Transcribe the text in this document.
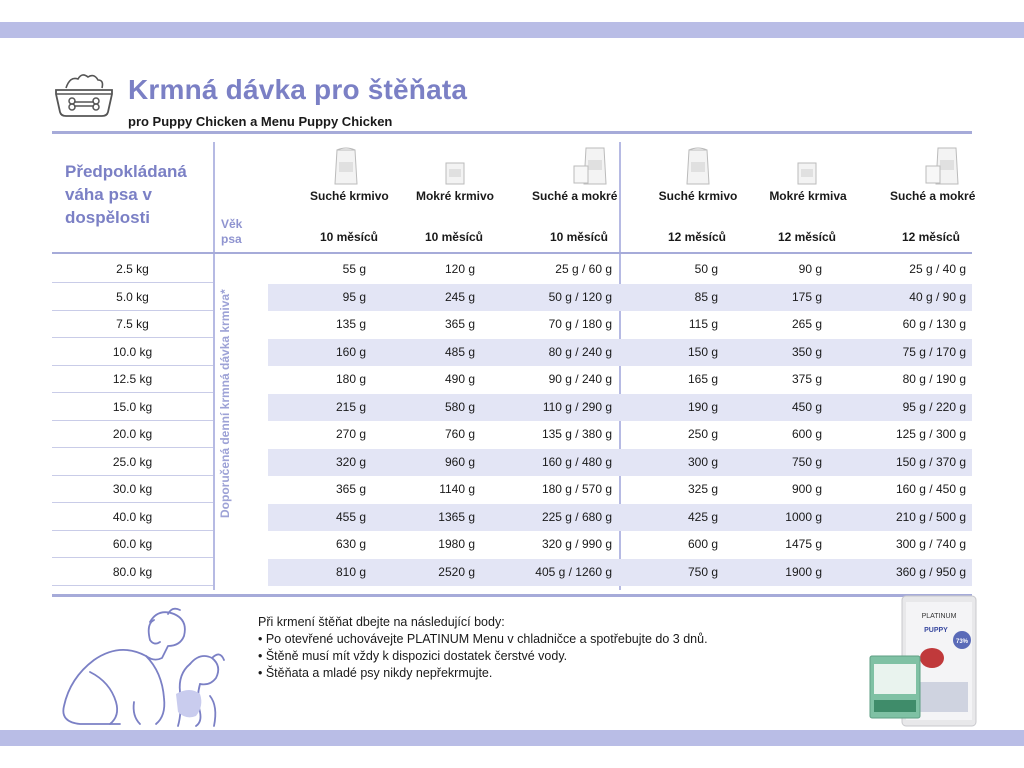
Krmná dávka pro štěňata
pro Puppy Chicken a Menu Puppy Chicken
Předpokládaná
váha psa v
dospělosti	Věk
psa
Suché krmivo Mokré krmivo	Suché a mokré	Suché krmivo	Mokré krmiva	Suché a mokré
10 měsíců	10 měsíců	10 měsíců	12 měsíců	12 měsíců	12 měsíců
2.5 kg	55 g	120 g	25 g / 60 g	50 g	90 g	25 g / 40 g
5.0 kg	95 g	245 g	50 g / 120 g	85 g	175 g	40 g / 90 g
7.5 kg	135 g	365 g	70 g / 180 g	115 g	265 g	60 g / 130 g
10.0 kg	160 g	485 g	80 g / 240 g	150 g	350 g	75 g / 170 g
12.5 kg	180 g	490 g	90 g / 240 g	165 g	375 g	80 g / 190 g
15.0 kg	215 g	580 g	110 g / 290 g	190 g	450 g	95 g / 220 g
20.0 kg	270 g	760 g	135 g / 380 g	250 g	600 g	125 g / 300 g
25.0 kg	320 g	960 g	160 g / 480 g	300 g	750 g	150 g / 370 g
30.0 kg	365 g	1140 g	180 g / 570 g	325 g	900 g	160 g / 450 g
40.0 kg	455 g	1365 g	225 g / 680 g	425 g	1000 g	210 g / 500 g
60.0 kg	630 g	1980 g	320 g / 990 g	600 g	1475 g	300 g / 740 g
80.0 kg	810 g	2520 g	405 g / 1260 g	750 g	1900 g	360 g / 950 g
Doporučená denní krmná dávka krmiva*
Při krmení štěňat dbejte na následující body:
• Po otevřené uchovávejte PLATINUM Menu v chladničce a spotřebujte do 3 dnů.
• Štěně musí mít vždy k dispozici dostatek čerstvé vody.
• Štěňata a mladé psy nikdy nepřekrmujte.
PLATINUM
PUPPY
73%
